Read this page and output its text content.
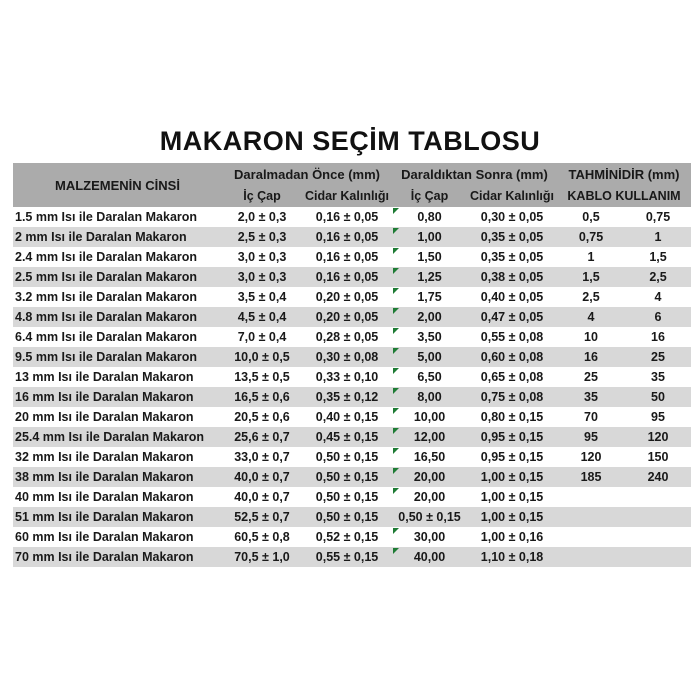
MAKARON SEÇİM TABLOSU
MALZEMENİN CİNSİ	Daralmadan Önce (mm)		Daraldıktan Sonra (mm)		TAHMİNİDİR (mm)	
	İç Çap	Cidar Kalınlığı	İç Çap	Cidar Kalınlığı	KABLO KULLANIM	
1.5 mm Isı ile Daralan Makaron	2,0 ± 0,3	0,16 ± 0,05	0,80	0,30 ± 0,05	0,5	0,75
2 mm Isı ile Daralan Makaron	2,5 ± 0,3	0,16 ± 0,05	1,00	0,35 ± 0,05	0,75	1
2.4 mm Isı ile Daralan Makaron	3,0 ± 0,3	0,16 ± 0,05	1,50	0,35 ± 0,05	1	1,5
2.5 mm Isı ile Daralan Makaron	3,0 ± 0,3	0,16 ± 0,05	1,25	0,38 ± 0,05	1,5	2,5
3.2 mm Isı ile Daralan Makaron	3,5 ± 0,4	0,20 ± 0,05	1,75	0,40 ± 0,05	2,5	4
4.8 mm Isı ile Daralan Makaron	4,5 ± 0,4	0,20 ± 0,05	2,00	0,47 ± 0,05	4	6
6.4 mm Isı ile Daralan Makaron	7,0 ± 0,4	0,28 ± 0,05	3,50	0,55 ± 0,08	10	16
9.5 mm Isı ile Daralan Makaron	10,0 ± 0,5	0,30 ± 0,08	5,00	0,60 ± 0,08	16	25
13 mm Isı ile Daralan Makaron	13,5 ± 0,5	0,33 ± 0,10	6,50	0,65 ± 0,08	25	35
16 mm Isı ile Daralan Makaron	16,5 ± 0,6	0,35 ± 0,12	8,00	0,75 ± 0,08	35	50
20 mm Isı ile Daralan Makaron	20,5 ± 0,6	0,40 ± 0,15	10,00	0,80 ± 0,15	70	95
25.4 mm Isı ile Daralan Makaron	25,6 ± 0,7	0,45 ± 0,15	12,00	0,95 ± 0,15	95	120
32 mm Isı ile Daralan Makaron	33,0 ± 0,7	0,50 ± 0,15	16,50	0,95 ± 0,15	120	150
38 mm Isı ile Daralan Makaron	40,0 ± 0,7	0,50 ± 0,15	20,00	1,00 ± 0,15	185	240
40 mm Isı ile Daralan Makaron	40,0 ± 0,7	0,50 ± 0,15	20,00	1,00 ± 0,15		
51 mm Isı ile Daralan Makaron	52,5 ± 0,7	0,50 ± 0,15	0,50 ± 0,15	1,00 ± 0,15		
60 mm Isı ile Daralan Makaron	60,5 ± 0,8	0,52 ± 0,15	30,00	1,00 ± 0,16		
70 mm Isı ile Daralan Makaron	70,5 ± 1,0	0,55 ± 0,15	40,00	1,10 ± 0,18		
